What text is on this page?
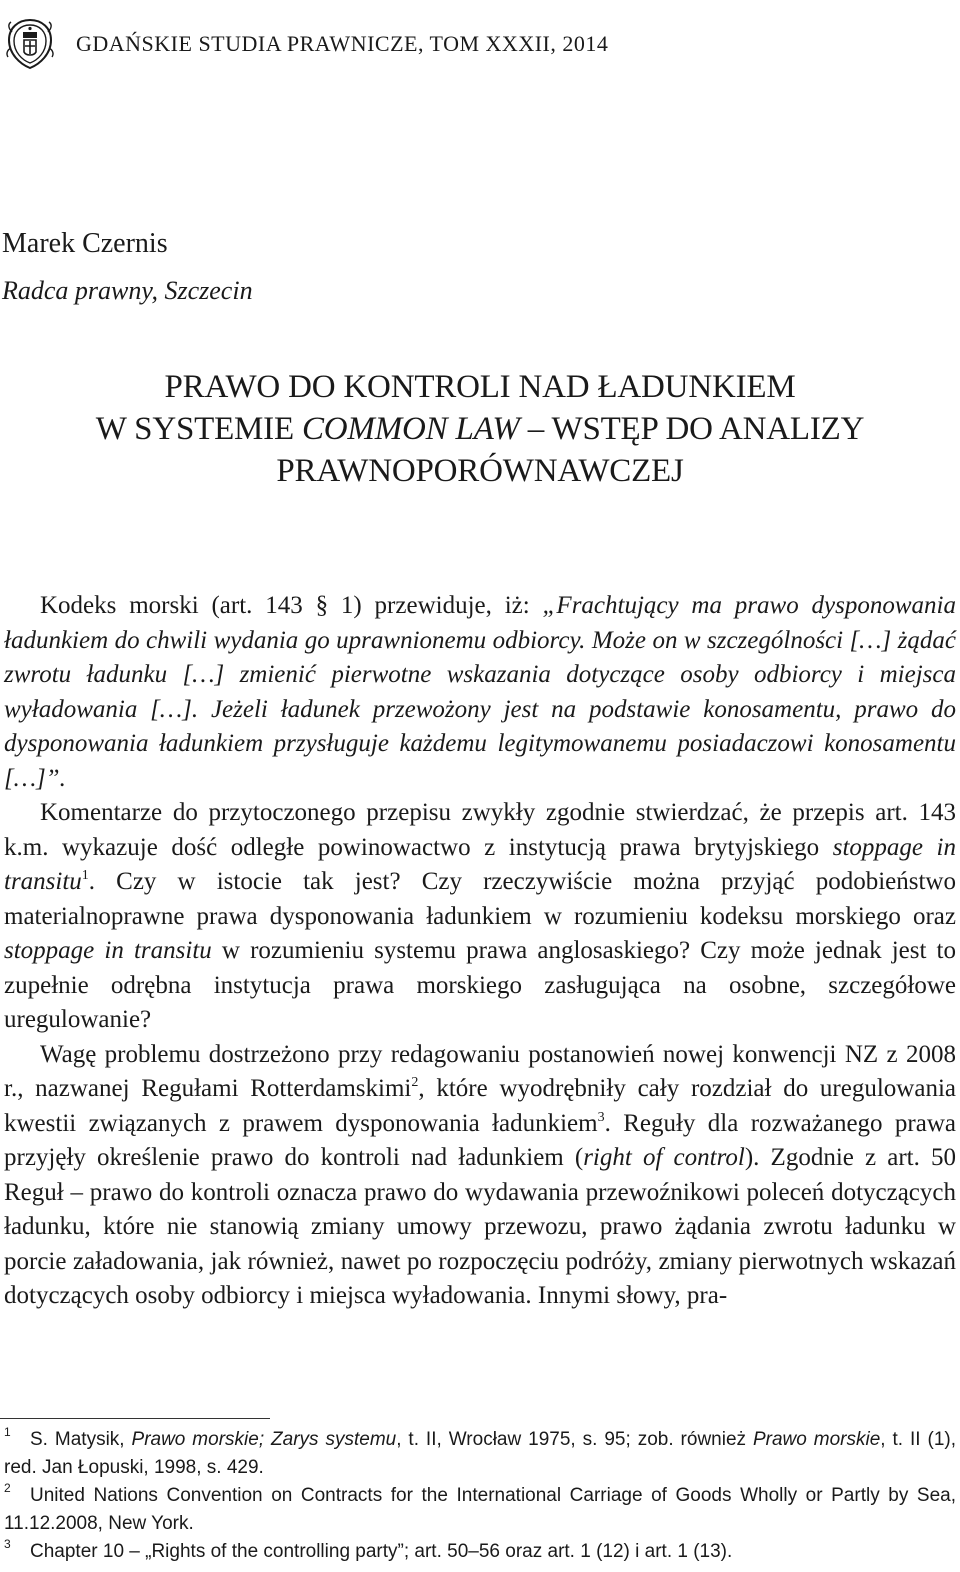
GDAŃSKIE STUDIA PRAWNICZE, TOM XXXII, 2014
Marek Czernis
Radca prawny, Szczecin
PRAWO DO KONTROLI NAD ŁADUNKIEM
W SYSTEMIE COMMON LAW – WSTĘP DO ANALIZY
PRAWNOPORÓWNAWCZEJ

Kodeks morski (art. 143 § 1) przewiduje, iż: „Frachtujący ma prawo dysponowania ładunkiem do chwili wydania go uprawnionemu odbiorcy. Może on w szczególności […] żądać zwrotu ładunku […] zmienić pierwotne wskazania dotyczące osoby odbiorcy i miejsca wyładowania […]. Jeżeli ładunek przewożony jest na podstawie konosamentu, prawo do dysponowania ładunkiem przysługuje każdemu legitymowanemu posiadaczowi konosamentu […]”.

Komentarze do przytoczonego przepisu zwykły zgodnie stwierdzać, że przepis art. 143 k.m. wykazuje dość odległe powinowactwo z instytucją prawa brytyjskiego stoppage in transitu$^1$. Czy w istocie tak jest? Czy rzeczywiście można przyjąć podobieństwo materialnoprawne prawa dysponowania ładunkiem w rozumieniu kodeksu morskiego oraz stoppage in transitu w rozumieniu systemu prawa anglosaskiego? Czy może jednak jest to zupełnie odrębna instytucja prawa morskiego zasługująca na osobne, szczegółowe uregulowanie?

Wagę problemu dostrzeżono przy redagowaniu postanowień nowej konwencji NZ z 2008 r., nazwanej Regułami Rotterdamskimi$^2$, które wyodrębniły cały rozdział do uregulowania kwestii związanych z prawem dysponowania ładunkiem$^3$. Reguły dla rozważanego prawa przyjęły określenie prawo do kontroli nad ładunkiem (right of control). Zgodnie z art. 50 Reguł – prawo do kontroli oznacza prawo do wydawania przewoźnikowi poleceń dotyczących ładunku, które nie stanowią zmiany umowy przewozu, prawo żądania zwrotu ładunku w porcie załadowania, jak również, nawet po rozpoczęciu podróży, zmiany pierwotnych wskazań dotyczących osoby odbiorcy i miejsca wyładowania. Innymi słowy, pra-

1 S. Matysik, Prawo morskie; Zarys systemu, t. II, Wrocław 1975, s. 95; zob. również Prawo morskie, t. II (1), red. Jan Łopuski, 1998, s. 429.

2 United Nations Convention on Contracts for the International Carriage of Goods Wholly or Partly by Sea, 11.12.2008, New York.

3 Chapter 10 – „Rights of the controlling party”; art. 50–56 oraz art. 1 (12) i art. 1 (13).
